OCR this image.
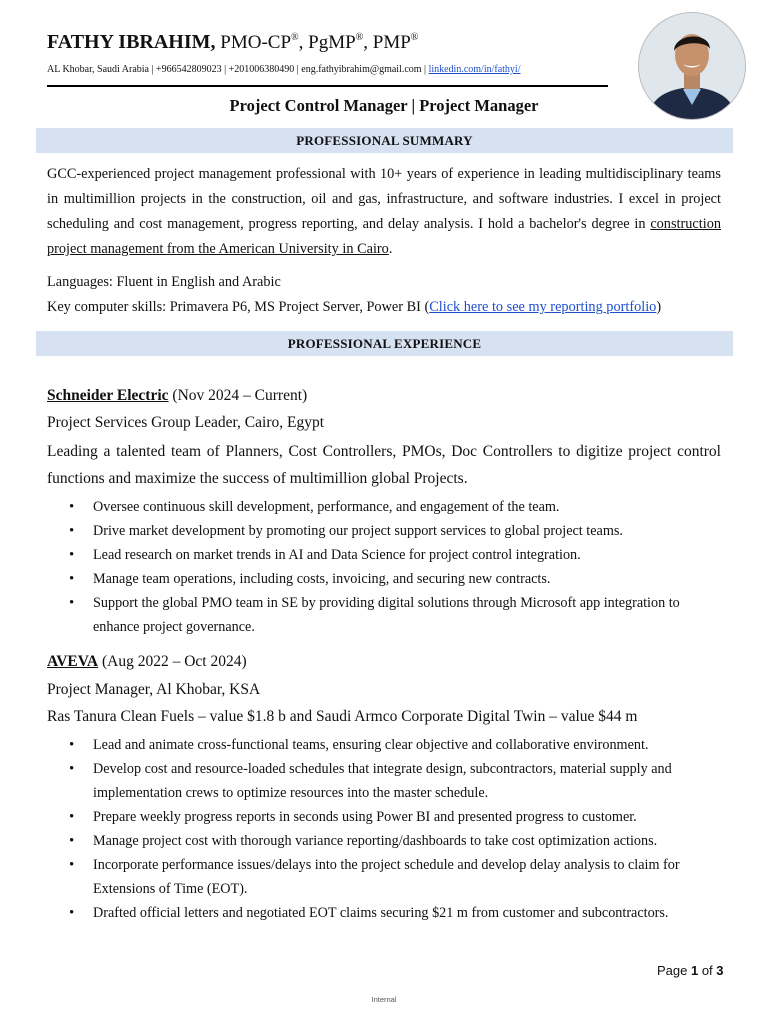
FATHY IBRAHIM, PMO-CP®, PgMP®, PMP®
AL Khobar, Saudi Arabia | +966542809023 | +201006380490 | eng.fathyibrahim@gmail.com | linkedin.com/in/fathyi/
Project Control Manager | Project Manager
PROFESSIONAL SUMMARY
GCC-experienced project management professional with 10+ years of experience in leading multidisciplinary teams in multimillion projects in the construction, oil and gas, infrastructure, and software industries. I excel in project scheduling and cost management, progress reporting, and delay analysis. I hold a bachelor's degree in construction project management from the American University in Cairo.
Languages: Fluent in English and Arabic
Key computer skills: Primavera P6, MS Project Server, Power BI (Click here to see my reporting portfolio)
PROFESSIONAL EXPERIENCE
Schneider Electric (Nov 2024 – Current)
Project Services Group Leader, Cairo, Egypt
Leading a talented team of Planners, Cost Controllers, PMOs, Doc Controllers to digitize project control functions and maximize the success of multimillion global Projects.
• Oversee continuous skill development, performance, and engagement of the team.
• Drive market development by promoting our project support services to global project teams.
• Lead research on market trends in AI and Data Science for project control integration.
• Manage team operations, including costs, invoicing, and securing new contracts.
• Support the global PMO team in SE by providing digital solutions through Microsoft app integration to enhance project governance.
AVEVA (Aug 2022 – Oct 2024)
Project Manager, Al Khobar, KSA
Ras Tanura Clean Fuels – value $1.8 b and Saudi Armco Corporate Digital Twin – value $44 m
• Lead and animate cross-functional teams, ensuring clear objective and collaborative environment.
• Develop cost and resource-loaded schedules that integrate design, subcontractors, material supply and implementation crews to optimize resources into the master schedule.
• Prepare weekly progress reports in seconds using Power BI and presented progress to customer.
• Manage project cost with thorough variance reporting/dashboards to take cost optimization actions.
• Incorporate performance issues/delays into the project schedule and develop delay analysis to claim for Extensions of Time (EOT).
• Drafted official letters and negotiated EOT claims securing $21 m from customer and subcontractors.
Page 1 of 3
Internal
